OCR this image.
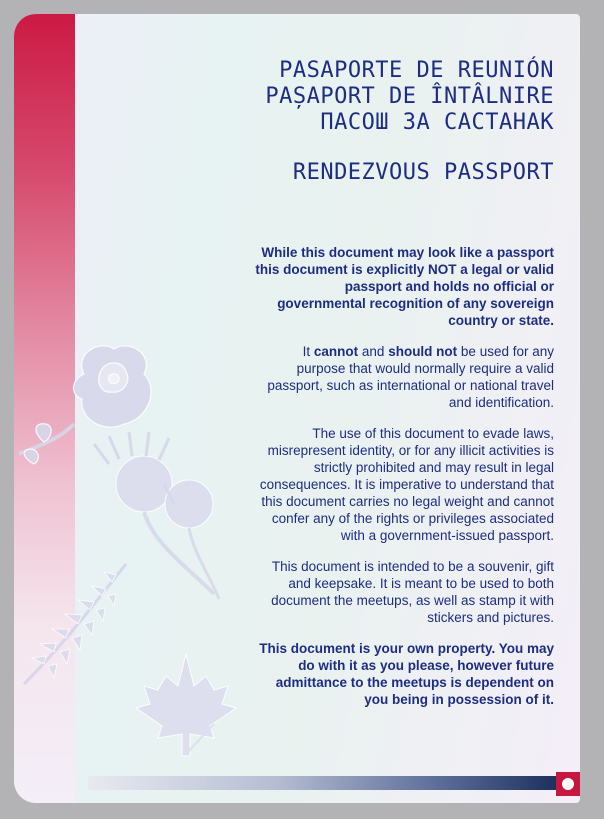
PASAPORTE DE REUNIÓN
PAȘAPORT DE ÎNTÂLNIRE
ПАСОШ ЗА САСТАНАК
RENDEZVOUS PASSPORT

While this document may look like a passport this document is explicitly NOT a legal or valid passport and holds no official or governmental recognition of any sovereign country or state.

It cannot and should not be used for any purpose that would normally require a valid passport, such as international or national travel and identification.

The use of this document to evade laws, misrepresent identity, or for any illicit activities is strictly prohibited and may result in legal consequences. It is imperative to understand that this document carries no legal weight and cannot confer any of the rights or privileges associated with a government-issued passport.

This document is intended to be a souvenir, gift and keepsake. It is meant to be used to both document the meetups, as well as stamp it with stickers and pictures.

This document is your own property. You may do with it as you please, however future admittance to the meetups is dependent on you being in possession of it.
